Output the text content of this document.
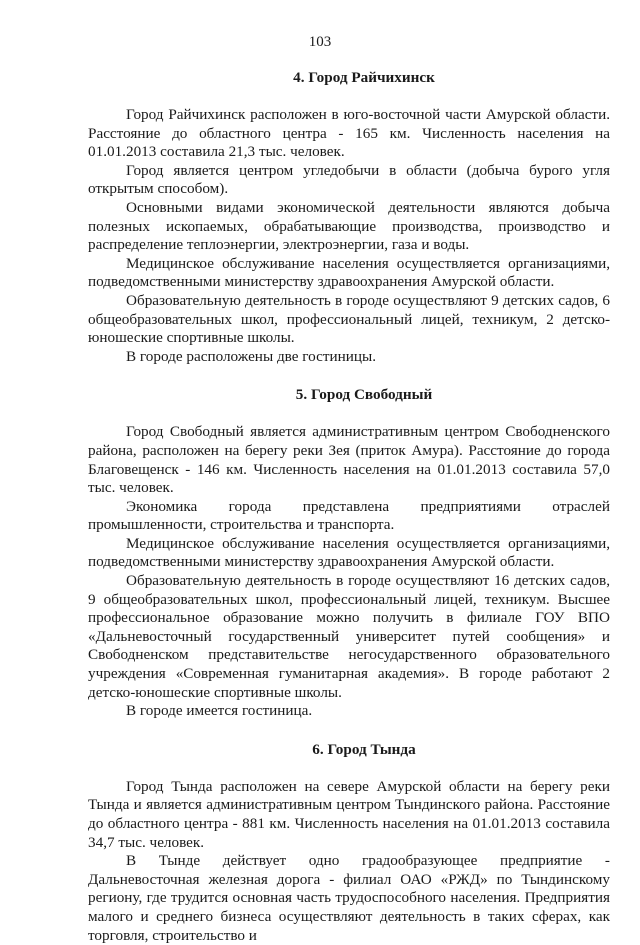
103
4. Город Райчихинск

Город Райчихинск расположен в юго-восточной части Амурской области. Расстояние до областного центра - 165 км. Численность населения на 01.01.2013 составила 21,3 тыс. человек.

Город является центром угледобычи в области (добыча бурого угля открытым способом).

Основными видами экономической деятельности являются добыча полезных ископаемых, обрабатывающие производства, производство и распределение теплоэнергии, электроэнергии, газа и воды.

Медицинское обслуживание населения осуществляется организациями, подведомственными министерству здравоохранения Амурской области.

Образовательную деятельность в городе осуществляют 9 детских садов, 6 общеобразовательных школ, профессиональный лицей, техникум, 2 детско-юношеские спортивные школы.

В городе расположены две гостиницы.

5. Город Свободный

Город Свободный является административным центром Свободненского района, расположен на берегу реки Зея (приток Амура). Расстояние до города Благовещенск - 146 км. Численность населения на 01.01.2013 составила 57,0 тыс. человек.

Экономика города представлена предприятиями отраслей промышленности, строительства и транспорта.

Медицинское обслуживание населения осуществляется организациями, подведомственными министерству здравоохранения Амурской области.

Образовательную деятельность в городе осуществляют 16 детских садов, 9 общеобразовательных школ, профессиональный лицей, техникум. Высшее профессиональное образование можно получить в филиале ГОУ ВПО «Дальневосточный государственный университет путей сообщения» и Свободненском представительстве негосударственного образовательного учреждения «Современная гуманитарная академия». В городе работают 2 детско-юношеские спортивные школы.

В городе имеется гостиница.

6. Город Тында

Город Тында расположен на севере Амурской области на берегу реки Тында и является административным центром Тындинского района. Расстояние до областного центра - 881 км. Численность населения на 01.01.2013 составила 34,7 тыс. человек.

В Тынде действует одно градообразующее предприятие - Дальневосточная железная дорога - филиал ОАО «РЖД» по Тындинскому региону, где трудится основная часть трудоспособного населения. Предприятия малого и среднего бизнеса осуществляют деятельность в таких сферах, как торговля, строительство и
